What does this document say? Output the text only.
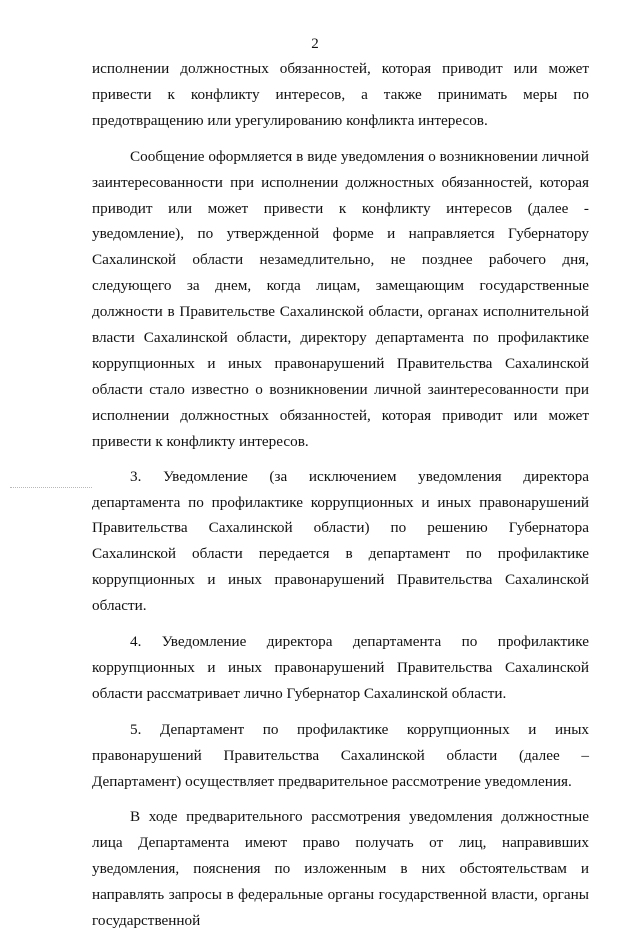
2

исполнении должностных обязанностей, которая приводит или может привести к конфликту интересов, а также принимать меры по предотвращению или урегулированию конфликта интересов.

Сообщение оформляется в виде уведомления о возникновении личной заинтересованности при исполнении должностных обязанностей, которая приводит или может привести к конфликту интересов (далее - уведомление), по утвержденной форме и направляется Губернатору Сахалинской области незамедлительно, не позднее рабочего дня, следующего за днем, когда лицам, замещающим государственные должности в Правительстве Сахалинской области, органах исполнительной власти Сахалинской области, директору департамента по профилактике коррупционных и иных правонарушений Правительства Сахалинской области стало известно о возникновении личной заинтересованности при исполнении должностных обязанностей, которая приводит или может привести к конфликту интересов.

3. Уведомление (за исключением уведомления директора департамента по профилактике коррупционных и иных правонарушений Правительства Сахалинской области) по решению Губернатора Сахалинской области передается в департамент по профилактике коррупционных и иных правонарушений Правительства Сахалинской области.

4. Уведомление директора департамента по профилактике коррупционных и иных правонарушений Правительства Сахалинской области рассматривает лично Губернатор Сахалинской области.

5. Департамент по профилактике коррупционных и иных правонарушений Правительства Сахалинской области (далее – Департамент) осуществляет предварительное рассмотрение уведомления.

В ходе предварительного рассмотрения уведомления должностные лица Департамента имеют право получать от лиц, направивших уведомления, пояснения по изложенным в них обстоятельствам и направлять запросы в федеральные органы государственной власти, органы государственной
